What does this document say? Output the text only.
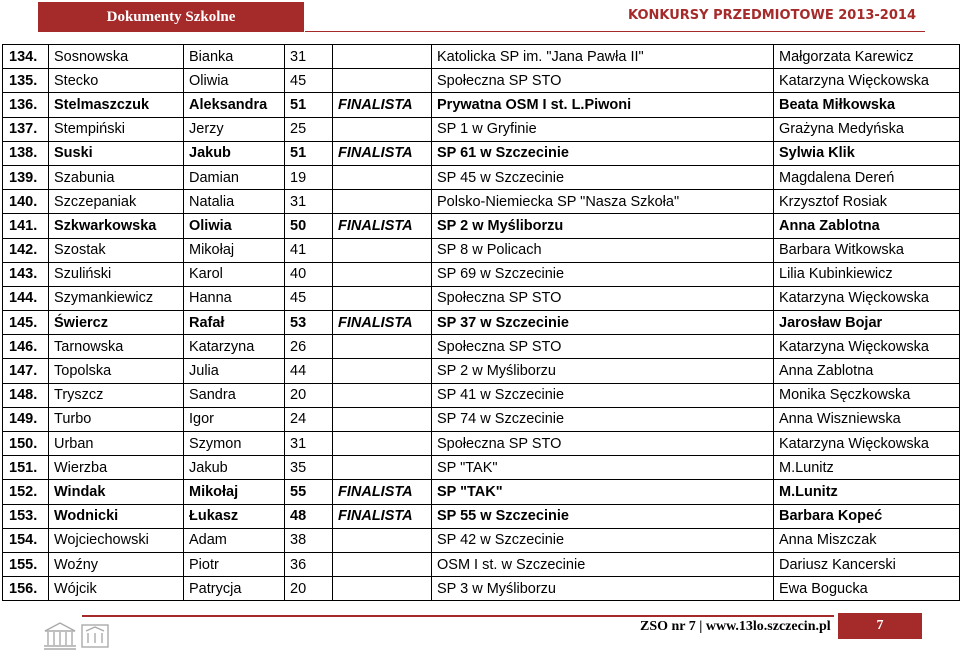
Dokumenty Szkolne	KONKURSY PRZEDMIOTOWE 2013-2014
134.	Sosnowska	Bianka	31		Katolicka SP im. "Jana Pawła II"	Małgorzata Karewicz
135.	Stecko	Oliwia	45		Społeczna SP STO	Katarzyna Więckowska
136.	Stelmaszczuk	Aleksandra	51	FINALISTA	Prywatna OSM I st. L.Piwoni	Beata Miłkowska
137.	Stempiński	Jerzy	25		SP 1 w Gryfinie	Grażyna Medyńska
138.	Suski	Jakub	51	FINALISTA	SP 61 w Szczecinie	Sylwia Klik
139.	Szabunia	Damian	19		SP 45 w Szczecinie	Magdalena Dereń
140.	Szczepaniak	Natalia	31		Polsko-Niemiecka SP "Nasza Szkoła"	Krzysztof Rosiak
141.	Szkwarkowska	Oliwia	50	FINALISTA	SP 2 w Myśliborzu	Anna Zablotna
142.	Szostak	Mikołaj	41		SP 8 w Policach	Barbara Witkowska
143.	Szuliński	Karol	40		SP 69 w Szczecinie	Lilia Kubinkiewicz
144.	Szymankiewicz	Hanna	45		Społeczna SP STO	Katarzyna Więckowska
145.	Świercz	Rafał	53	FINALISTA	SP 37 w Szczecinie	Jarosław Bojar
146.	Tarnowska	Katarzyna	26		Społeczna SP STO	Katarzyna Więckowska
147.	Topolska	Julia	44		SP 2 w Myśliborzu	Anna Zablotna
148.	Tryszcz	Sandra	20		SP 41 w Szczecinie	Monika Sęczkowska
149.	Turbo	Igor	24		SP 74 w Szczecinie	Anna Wiszniewska
150.	Urban	Szymon	31		Społeczna SP STO	Katarzyna Więckowska
151.	Wierzba	Jakub	35		SP "TAK"	M.Lunitz
152.	Windak	Mikołaj	55	FINALISTA	SP "TAK"	M.Lunitz
153.	Wodnicki	Łukasz	48	FINALISTA	SP 55 w Szczecinie	Barbara Kopeć
154.	Wojciechowski	Adam	38		SP 42 w Szczecinie	Anna Miszczak
155.	Woźny	Piotr	36		OSM I st. w Szczecinie	Dariusz Kancerski
156.	Wójcik	Patrycja	20		SP 3 w Myśliborzu	Ewa Bogucka
ZSO nr 7 | www.13lo.szczecin.pl	7
